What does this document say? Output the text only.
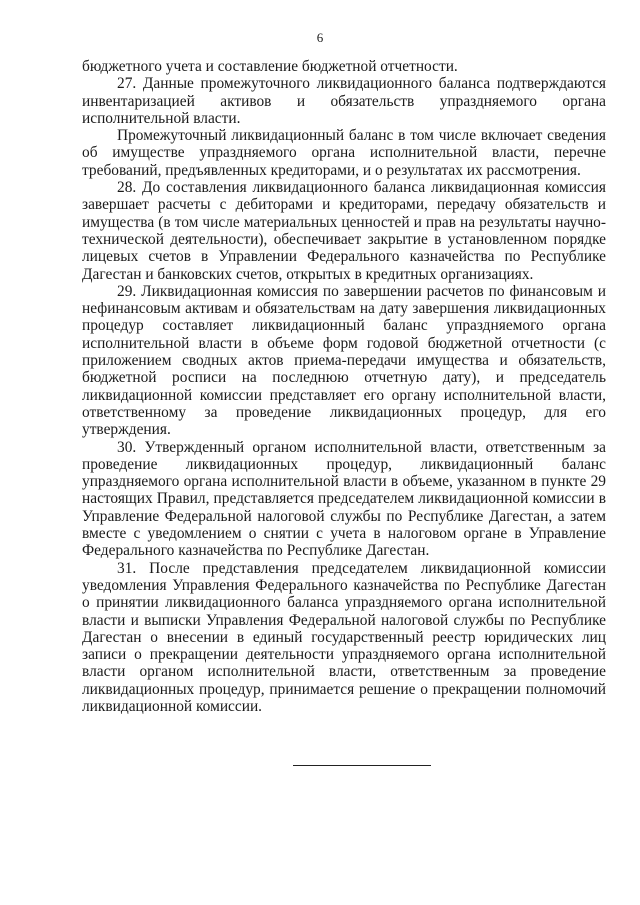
6

бюджетного учета и составление бюджетной отчетности.

27. Данные промежуточного ликвидационного баланса подтверждаются инвентаризацией активов и обязательств упраздняемого органа исполнительной власти.

Промежуточный ликвидационный баланс в том числе включает сведения об имуществе упраздняемого органа исполнительной власти, перечне требований, предъявленных кредиторами, и о результатах их рассмотрения.

28. До составления ликвидационного баланса ликвидационная комиссия завершает расчеты с дебиторами и кредиторами, передачу обязательств и имущества (в том числе материальных ценностей и прав на результаты научно-технической деятельности), обеспечивает закрытие в установленном порядке лицевых счетов в Управлении Федерального казначейства по Республике Дагестан и банковских счетов, открытых в кредитных организациях.

29. Ликвидационная комиссия по завершении расчетов по финансовым и нефинансовым активам и обязательствам на дату завершения ликвидационных процедур составляет ликвидационный баланс упраздняемого органа исполнительной власти в объеме форм годовой бюджетной отчетности (с приложением сводных актов приема-передачи имущества и обязательств, бюджетной росписи на последнюю отчетную дату), и председатель ликвидационной комиссии представляет его органу исполнительной власти, ответственному за проведение ликвидационных процедур, для его утверждения.

30. Утвержденный органом исполнительной власти, ответственным за проведение ликвидационных процедур, ликвидационный баланс упраздняемого органа исполнительной власти в объеме, указанном в пункте 29 настоящих Правил, представляется председателем ликвидационной комиссии в Управление Федеральной налоговой службы по Республике Дагестан, а затем вместе с уведомлением о снятии с учета в налоговом органе в Управление Федерального казначейства по Республике Дагестан.

31. После представления председателем ликвидационной комиссии уведомления Управления Федерального казначейства по Республике Дагестан о принятии ликвидационного баланса упраздняемого органа исполнительной власти и выписки Управления Федеральной налоговой службы по Республике Дагестан о внесении в единый государственный реестр юридических лиц записи о прекращении деятельности упраздняемого органа исполнительной власти органом исполнительной власти, ответственным за проведение ликвидационных процедур, принимается решение о прекращении полномочий ликвидационной комиссии.
